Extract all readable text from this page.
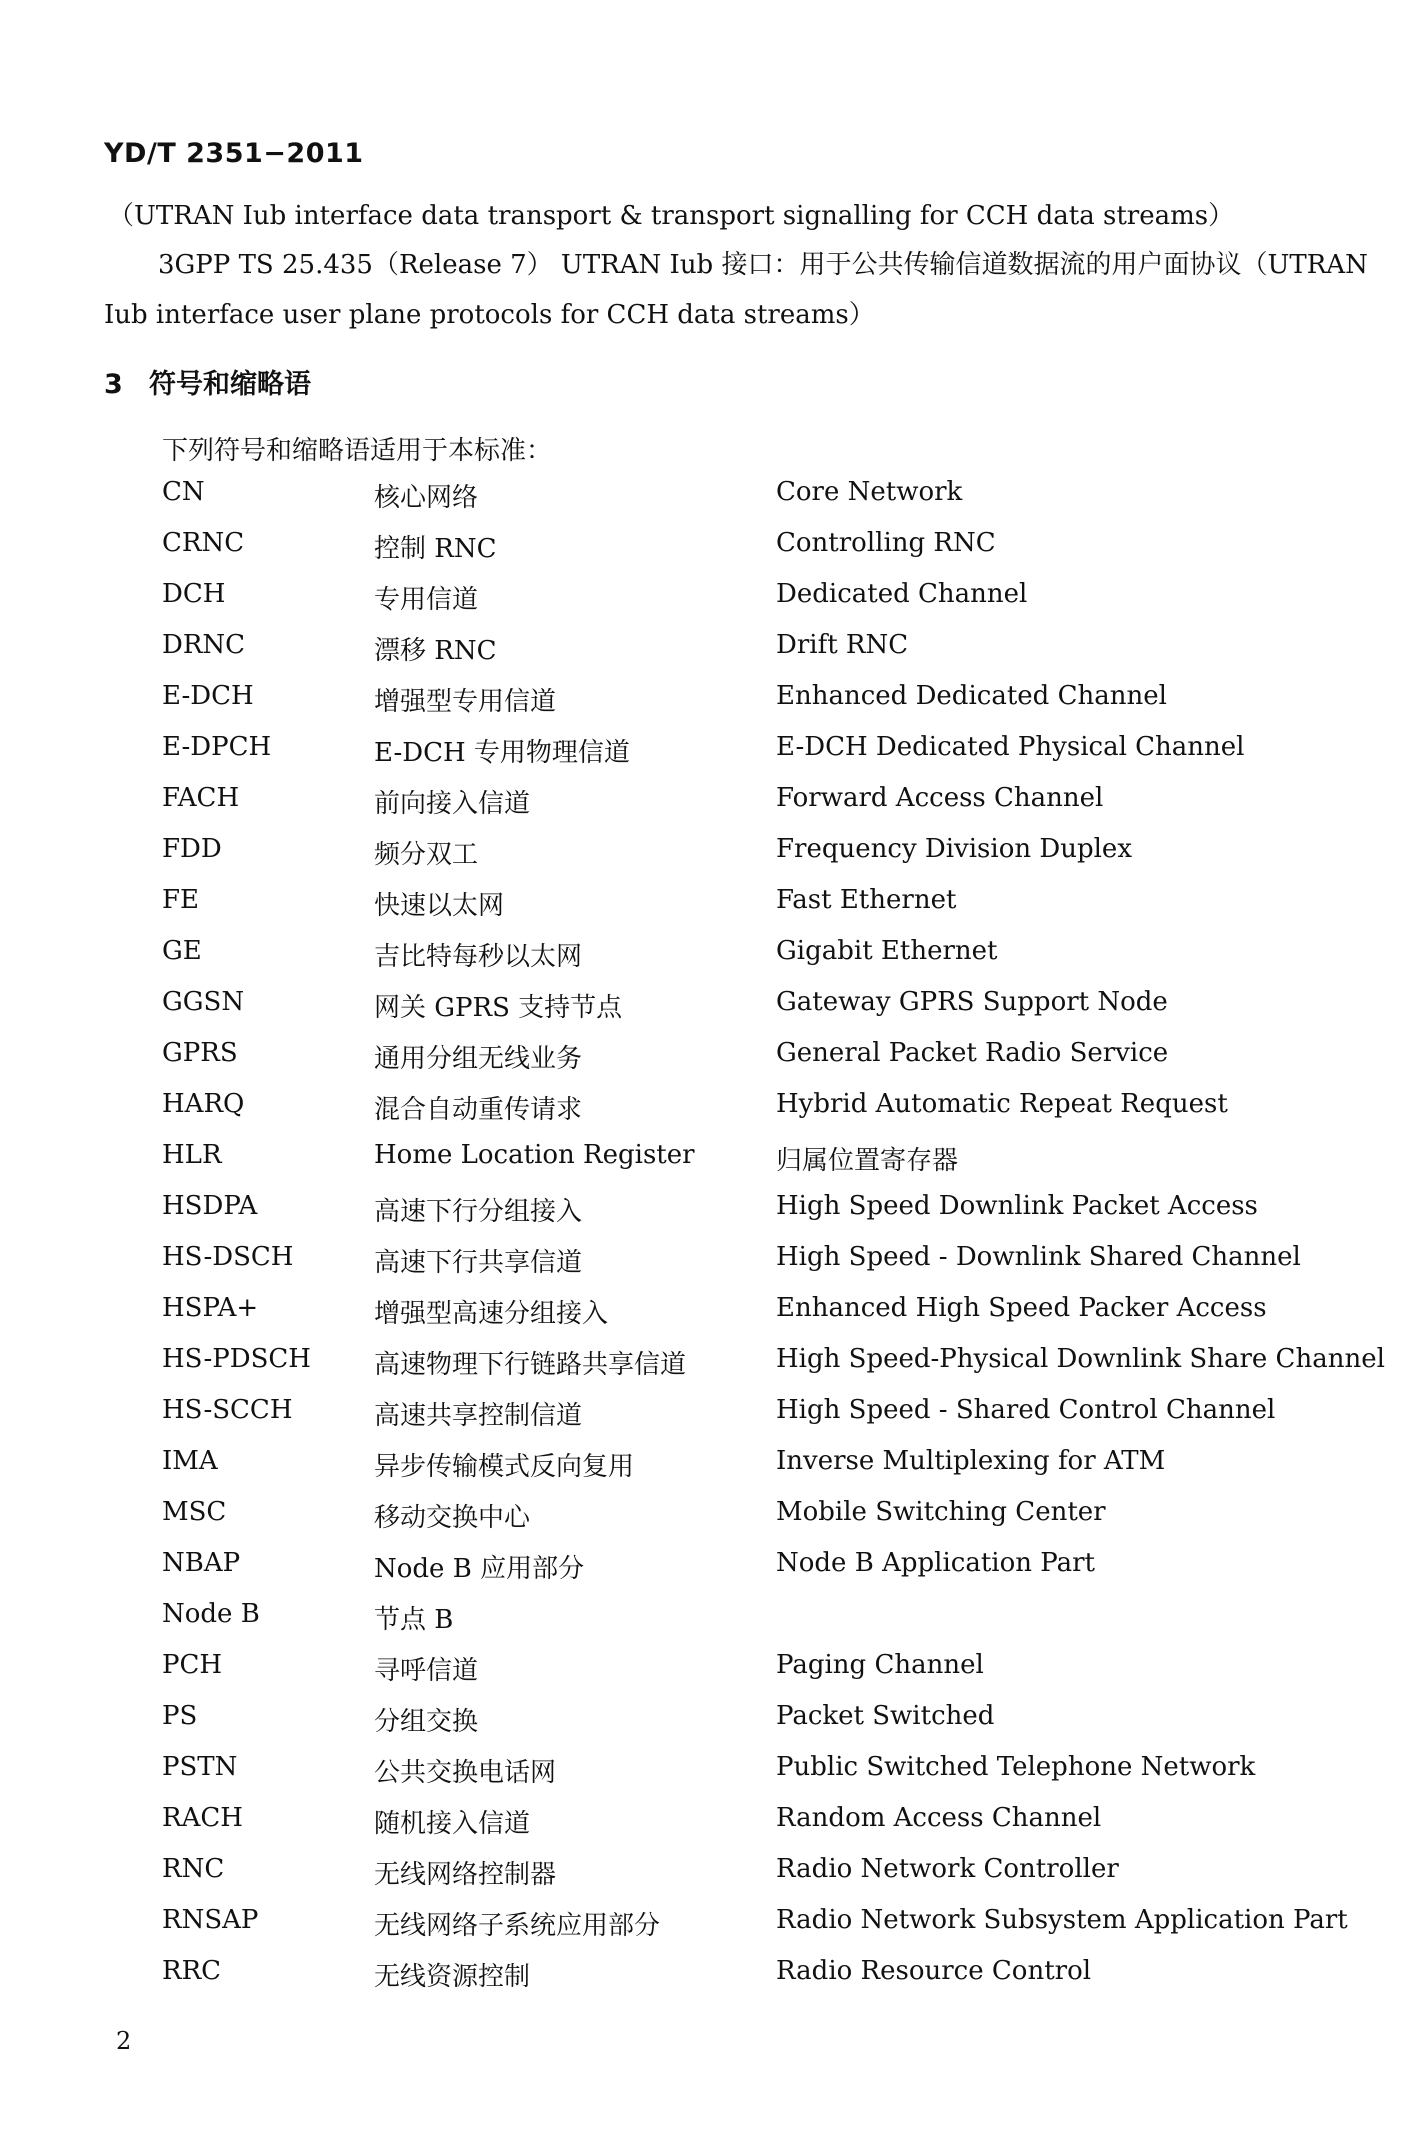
YD/T 2351−2011
（UTRAN Iub interface data transport & transport signalling for CCH data streams）
3GPP TS 25.435（Release 7） UTRAN Iub 接口：用于公共传输信道数据流的用户面协议（UTRAN
Iub interface user plane protocols for CCH data streams）
3 符号和缩略语
下列符号和缩略语适用于本标准：
CN	核心网络	Core Network
CRNC	控制 RNC	Controlling RNC
DCH	专用信道	Dedicated Channel
DRNC	漂移 RNC	Drift RNC
E-DCH	增强型专用信道	Enhanced Dedicated Channel
E-DPCH	E-DCH 专用物理信道	E-DCH Dedicated Physical Channel
FACH	前向接入信道	Forward Access Channel
FDD	频分双工	Frequency Division Duplex
FE	快速以太网	Fast Ethernet
GE	吉比特每秒以太网	Gigabit Ethernet
GGSN	网关 GPRS 支持节点	Gateway GPRS Support Node
GPRS	通用分组无线业务	General Packet Radio Service
HARQ	混合自动重传请求	Hybrid Automatic Repeat Request
HLR	Home Location Register	归属位置寄存器
HSDPA	高速下行分组接入	High Speed Downlink Packet Access
HS-DSCH	高速下行共享信道	High Speed - Downlink Shared Channel
HSPA+	增强型高速分组接入	Enhanced High Speed Packer Access
HS-PDSCH 高速物理下行链路共享信道	High Speed-Physical Downlink Share Channel
HS-SCCH	高速共享控制信道	High Speed - Shared Control Channel
IMA	异步传输模式反向复用	Inverse Multiplexing for ATM
MSC	移动交换中心	Mobile Switching Center
NBAP	Node B 应用部分	Node B Application Part
Node B	节点 B
PCH	寻呼信道	Paging Channel
PS	分组交换	Packet Switched
PSTN	公共交换电话网	Public Switched Telephone Network
RACH	随机接入信道	Random Access Channel
RNC	无线网络控制器	Radio Network Controller
RNSAP	无线网络子系统应用部分	Radio Network Subsystem Application Part
RRC	无线资源控制	Radio Resource Control
2
